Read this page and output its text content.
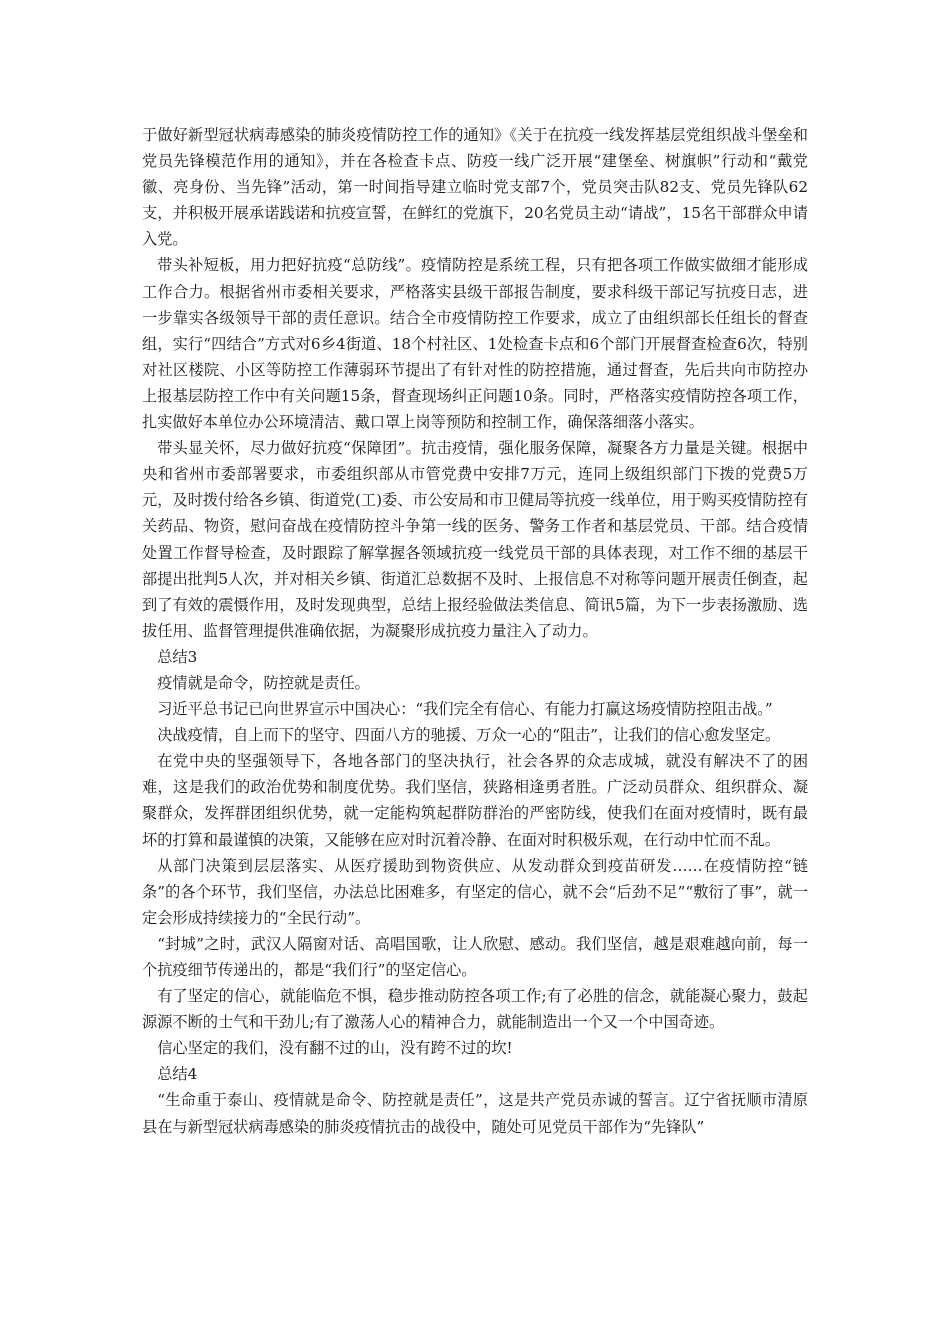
于做好新型冠状病毒感染的肺炎疫情防控工作的通知》《关于在抗疫一线发挥基层党组织战斗堡垒和党员先锋模范作用的通知》，并在各检查卡点、防疫一线广泛开展“建堡垒、树旗帜”行动和“戴党徽、亮身份、当先锋”活动，第一时间指导建立临时党支部7个，党员突击队82支、党员先锋队62支，并积极开展承诺践诺和抗疫宣誓，在鲜红的党旗下，20名党员主动“请战”，15名干部群众申请入党。

带头补短板，用力把好抗疫“总防线”。疫情防控是系统工程，只有把各项工作做实做细才能形成工作合力。根据省州市委相关要求，严格落实县级干部报告制度，要求科级干部记写抗疫日志，进一步靠实各级领导干部的责任意识。结合全市疫情防控工作要求，成立了由组织部长任组长的督查组，实行“四结合”方式对6乡4街道、18个村社区、1处检查卡点和6个部门开展督查检查6次，特别对社区楼院、小区等防控工作薄弱环节提出了有针对性的防控措施，通过督查，先后共向市防控办上报基层防控工作中有关问题15条，督查现场纠正问题10条。同时，严格落实疫情防控各项工作，扎实做好本单位办公环境清洁、戴口罩上岗等预防和控制工作，确保落细落小落实。

带头显关怀，尽力做好抗疫“保障团”。抗击疫情，强化服务保障，凝聚各方力量是关键。根据中央和省州市委部署要求，市委组织部从市管党费中安排7万元，连同上级组织部门下拨的党费5万元，及时拨付给各乡镇、街道党(工)委、市公安局和市卫健局等抗疫一线单位，用于购买疫情防控有关药品、物资，慰问奋战在疫情防控斗争第一线的医务、警务工作者和基层党员、干部。结合疫情处置工作督导检查，及时跟踪了解掌握各领域抗疫一线党员干部的具体表现，对工作不细的基层干部提出批判5人次，并对相关乡镇、街道汇总数据不及时、上报信息不对称等问题开展责任倒查，起到了有效的震慑作用，及时发现典型，总结上报经验做法类信息、简讯5篇，为下一步表扬激励、选拔任用、监督管理提供准确依据，为凝聚形成抗疫力量注入了动力。

总结3

疫情就是命令，防控就是责任。

习近平总书记已向世界宣示中国决心：“我们完全有信心、有能力打赢这场疫情防控阻击战。”

决战疫情，自上而下的坚守、四面八方的驰援、万众一心的“阻击”，让我们的信心愈发坚定。

在党中央的坚强领导下，各地各部门的坚决执行，社会各界的众志成城，就没有解决不了的困难，这是我们的政治优势和制度优势。我们坚信，狭路相逢勇者胜。广泛动员群众、组织群众、凝聚群众，发挥群团组织优势，就一定能构筑起群防群治的严密防线，使我们在面对疫情时，既有最坏的打算和最谨慎的决策，又能够在应对时沉着冷静、在面对时积极乐观，在行动中忙而不乱。

从部门决策到层层落实、从医疗援助到物资供应、从发动群众到疫苗研发……在疫情防控“链条”的各个环节，我们坚信，办法总比困难多，有坚定的信心，就不会“后劲不足”“敷衍了事”，就一定会形成持续接力的“全民行动”。

“封城”之时，武汉人隔窗对话、高唱国歌，让人欣慰、感动。我们坚信，越是艰难越向前，每一个抗疫细节传递出的，都是“我们行”的坚定信心。

有了坚定的信心，就能临危不惧，稳步推动防控各项工作;有了必胜的信念，就能凝心聚力，鼓起源源不断的士气和干劲儿;有了激荡人心的精神合力，就能制造出一个又一个中国奇迹。

信心坚定的我们，没有翻不过的山，没有跨不过的坎!

总结4

“生命重于泰山、疫情就是命令、防控就是责任”，这是共产党员赤诚的誓言。辽宁省抚顺市清原县在与新型冠状病毒感染的肺炎疫情抗击的战役中，随处可见党员干部作为“先锋队”
